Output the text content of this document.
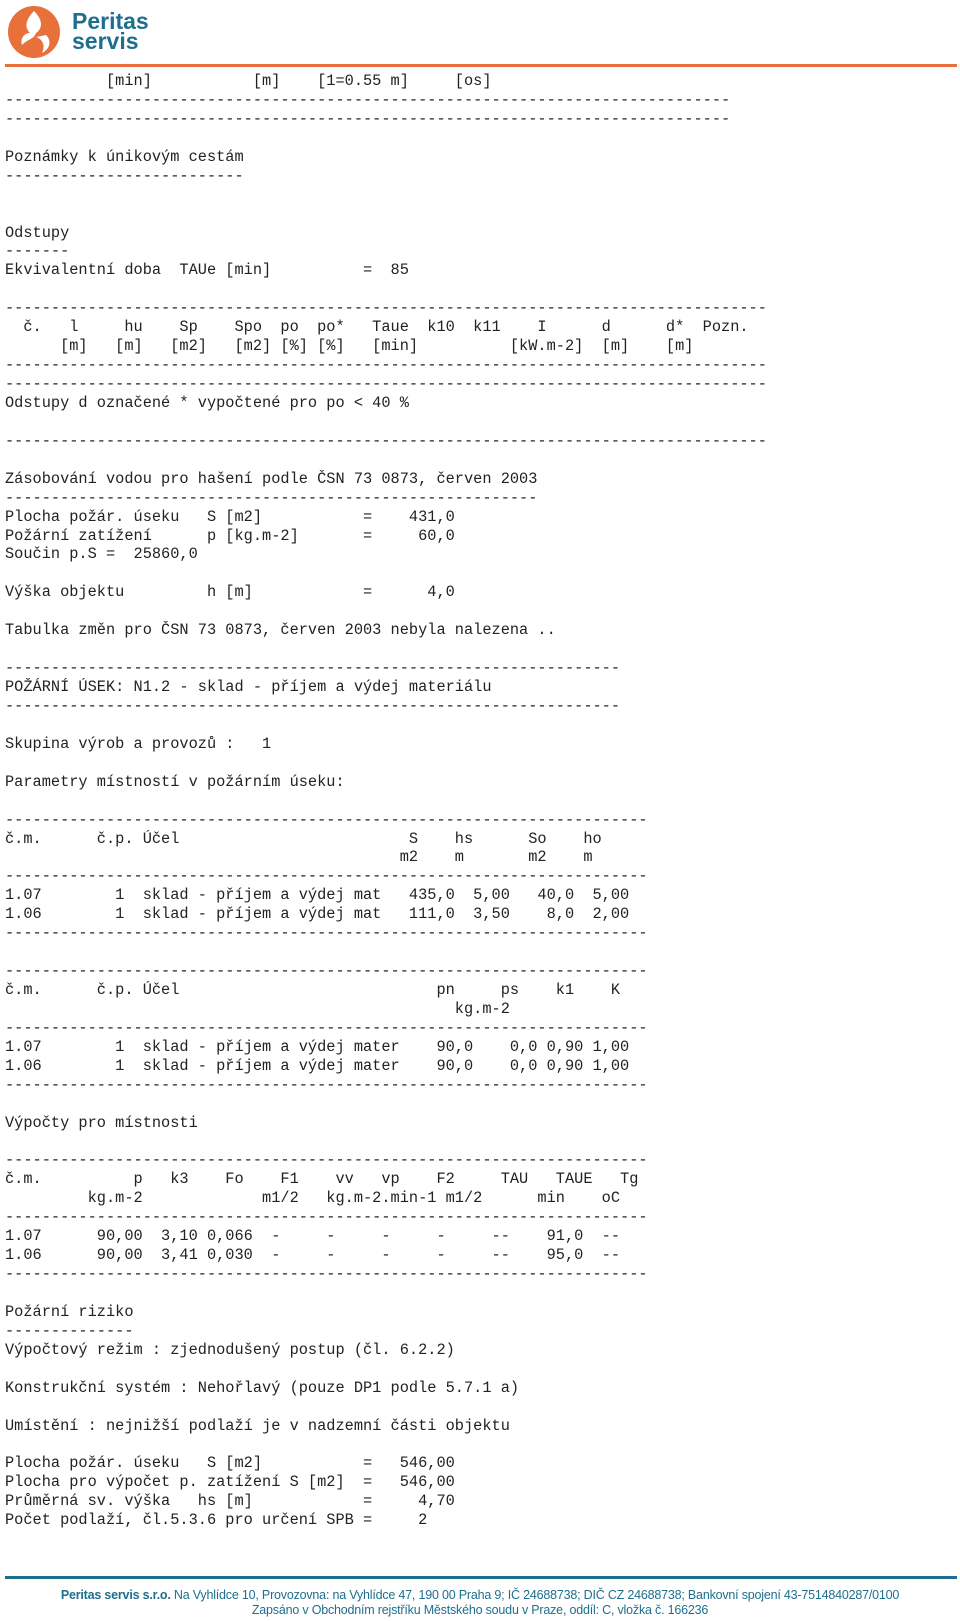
Peritas
servis
[min]           [m]    [1=0.55 m]     [os]
-------------------------------------------------------------------------------
-------------------------------------------------------------------------------

Poznámky k únikovým cestám
--------------------------

Odstupy
-------
Ekvivalentní doba  TAUe [min]          =  85

-----------------------------------------------------------------------------------
č.   l     hu    Sp    Spo  po  po*   Taue  k10  k11    I      d      d*  Pozn.
[m]   [m]   [m2]   [m2] [%] [%]   [min]          [kW.m-2]  [m]    [m]
-----------------------------------------------------------------------------------
-----------------------------------------------------------------------------------
Odstupy d označené * vypočtené pro po < 40 %

-----------------------------------------------------------------------------------

Zásobování vodou pro hašení podle ČSN 73 0873, červen 2003
----------------------------------------------------------
Plocha požár. úseku   S [m2]           =    431,0
Požární zatížení      p [kg.m-2]       =     60,0
Součin p.S =  25860,0

Výška objektu         h [m]            =      4,0

Tabulka změn pro ČSN 73 0873, červen 2003 nebyla nalezena ..

-------------------------------------------------------------------
POŽÁRNÍ ÚSEK: N1.2 - sklad - příjem a výdej materiálu
-------------------------------------------------------------------

Skupina výrob a provozů :   1

Parametry místností v požárním úseku:

----------------------------------------------------------------------
č.m.      č.p. Účel                         S    hs      So    ho
m2    m       m2    m
----------------------------------------------------------------------
1.07        1  sklad - příjem a výdej mat   435,0  5,00   40,0  5,00
1.06        1  sklad - příjem a výdej mat   111,0  3,50    8,0  2,00
----------------------------------------------------------------------

----------------------------------------------------------------------
č.m.      č.p. Účel                            pn     ps    k1    K
kg.m-2
----------------------------------------------------------------------
1.07        1  sklad - příjem a výdej mater    90,0    0,0 0,90 1,00
1.06        1  sklad - příjem a výdej mater    90,0    0,0 0,90 1,00
----------------------------------------------------------------------

Výpočty pro místnosti

----------------------------------------------------------------------
č.m.          p   k3    Fo    F1    vv   vp    F2     TAU   TAUE   Tg
kg.m-2             m1/2   kg.m-2.min-1 m1/2      min    oC
----------------------------------------------------------------------
1.07      90,00  3,10 0,066  -     -     -     -     --    91,0  --
1.06      90,00  3,41 0,030  -     -     -     -     --    95,0  --
----------------------------------------------------------------------

Požární riziko
--------------
Výpočtový režim : zjednodušený postup (čl. 6.2.2)

Konstrukční systém : Nehořlavý (pouze DP1 podle 5.7.1 a)

Umístění : nejnižší podlaží je v nadzemní části objektu

Plocha požár. úseku   S [m2]           =   546,00
Plocha pro výpočet p. zatížení S [m2]  =   546,00
Průměrná sv. výška   hs [m]            =     4,70
Počet podlaží, čl.5.3.6 pro určení SPB =     2
Peritas servis s.r.o. Na Vyhlídce 10, Provozovna: na Vyhlídce 47, 190 00 Praha 9; IČ 24688738; DIČ CZ 24688738; Bankovní spojení 43-7514840287/0100
Zapsáno v Obchodním rejstříku Městského soudu v Praze, oddíl: C, vložka č. 166236
